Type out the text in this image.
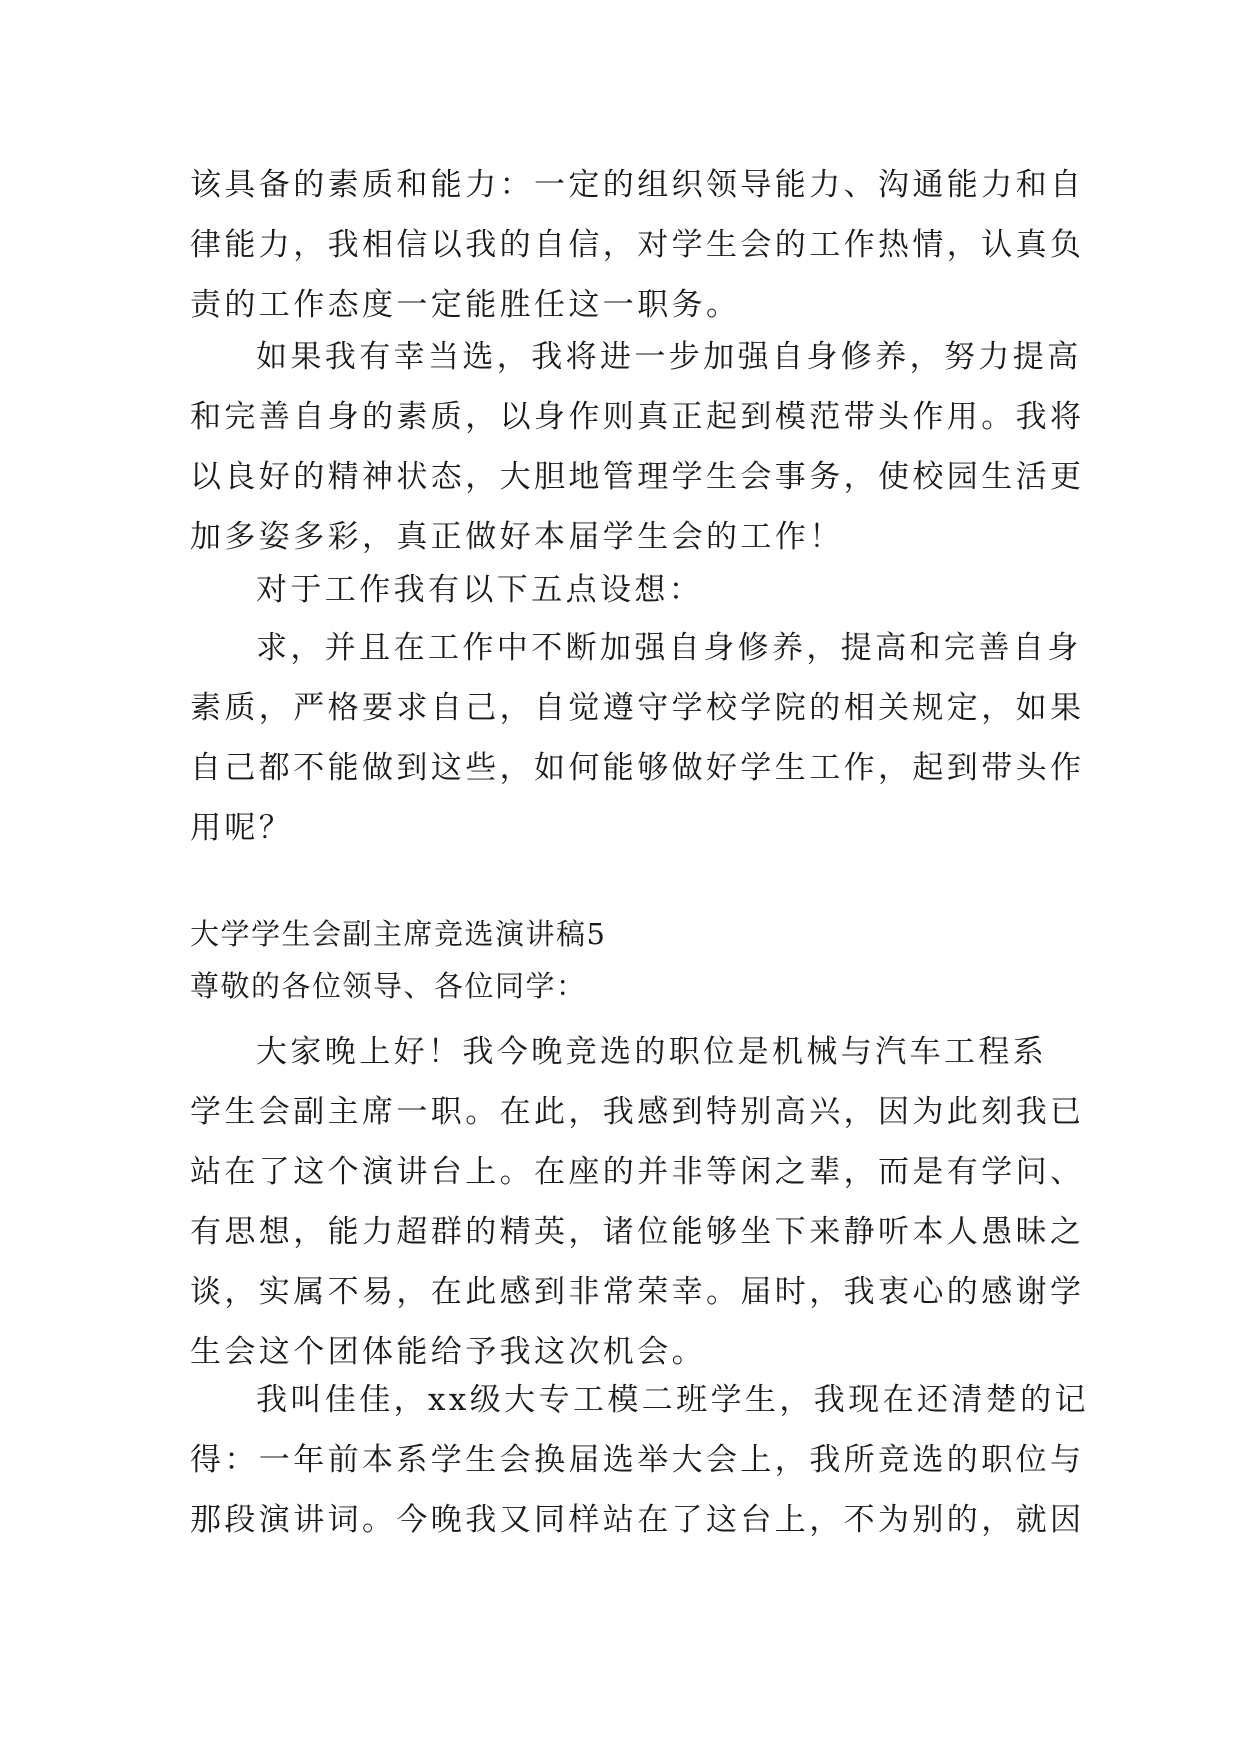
该具备的素质和能力：一定的组织领导能力、沟通能力和自
律能力，我相信以我的自信，对学生会的工作热情，认真负
责的工作态度一定能胜任这一职务。
如果我有幸当选，我将进一步加强自身修养，努力提高
和完善自身的素质，以身作则真正起到模范带头作用。我将
以良好的精神状态，大胆地管理学生会事务，使校园生活更
加多姿多彩，真正做好本届学生会的工作！
对于工作我有以下五点设想：
求，并且在工作中不断加强自身修养，提高和完善自身
素质，严格要求自己，自觉遵守学校学院的相关规定，如果
自己都不能做到这些，如何能够做好学生工作，起到带头作
用呢？
大学学生会副主席竞选演讲稿5
尊敬的各位领导、各位同学：
大家晚上好！我今晚竞选的职位是机械与汽车工程系
学生会副主席一职。在此，我感到特别高兴，因为此刻我已
站在了这个演讲台上。在座的并非等闲之辈，而是有学问、
有思想，能力超群的精英，诸位能够坐下来静听本人愚昧之
谈，实属不易，在此感到非常荣幸。届时，我衷心的感谢学
生会这个团体能给予我这次机会。
我叫佳佳，xx级大专工模二班学生，我现在还清楚的记
得：一年前本系学生会换届选举大会上，我所竞选的职位与
那段演讲词。今晚我又同样站在了这台上，不为别的，就因
